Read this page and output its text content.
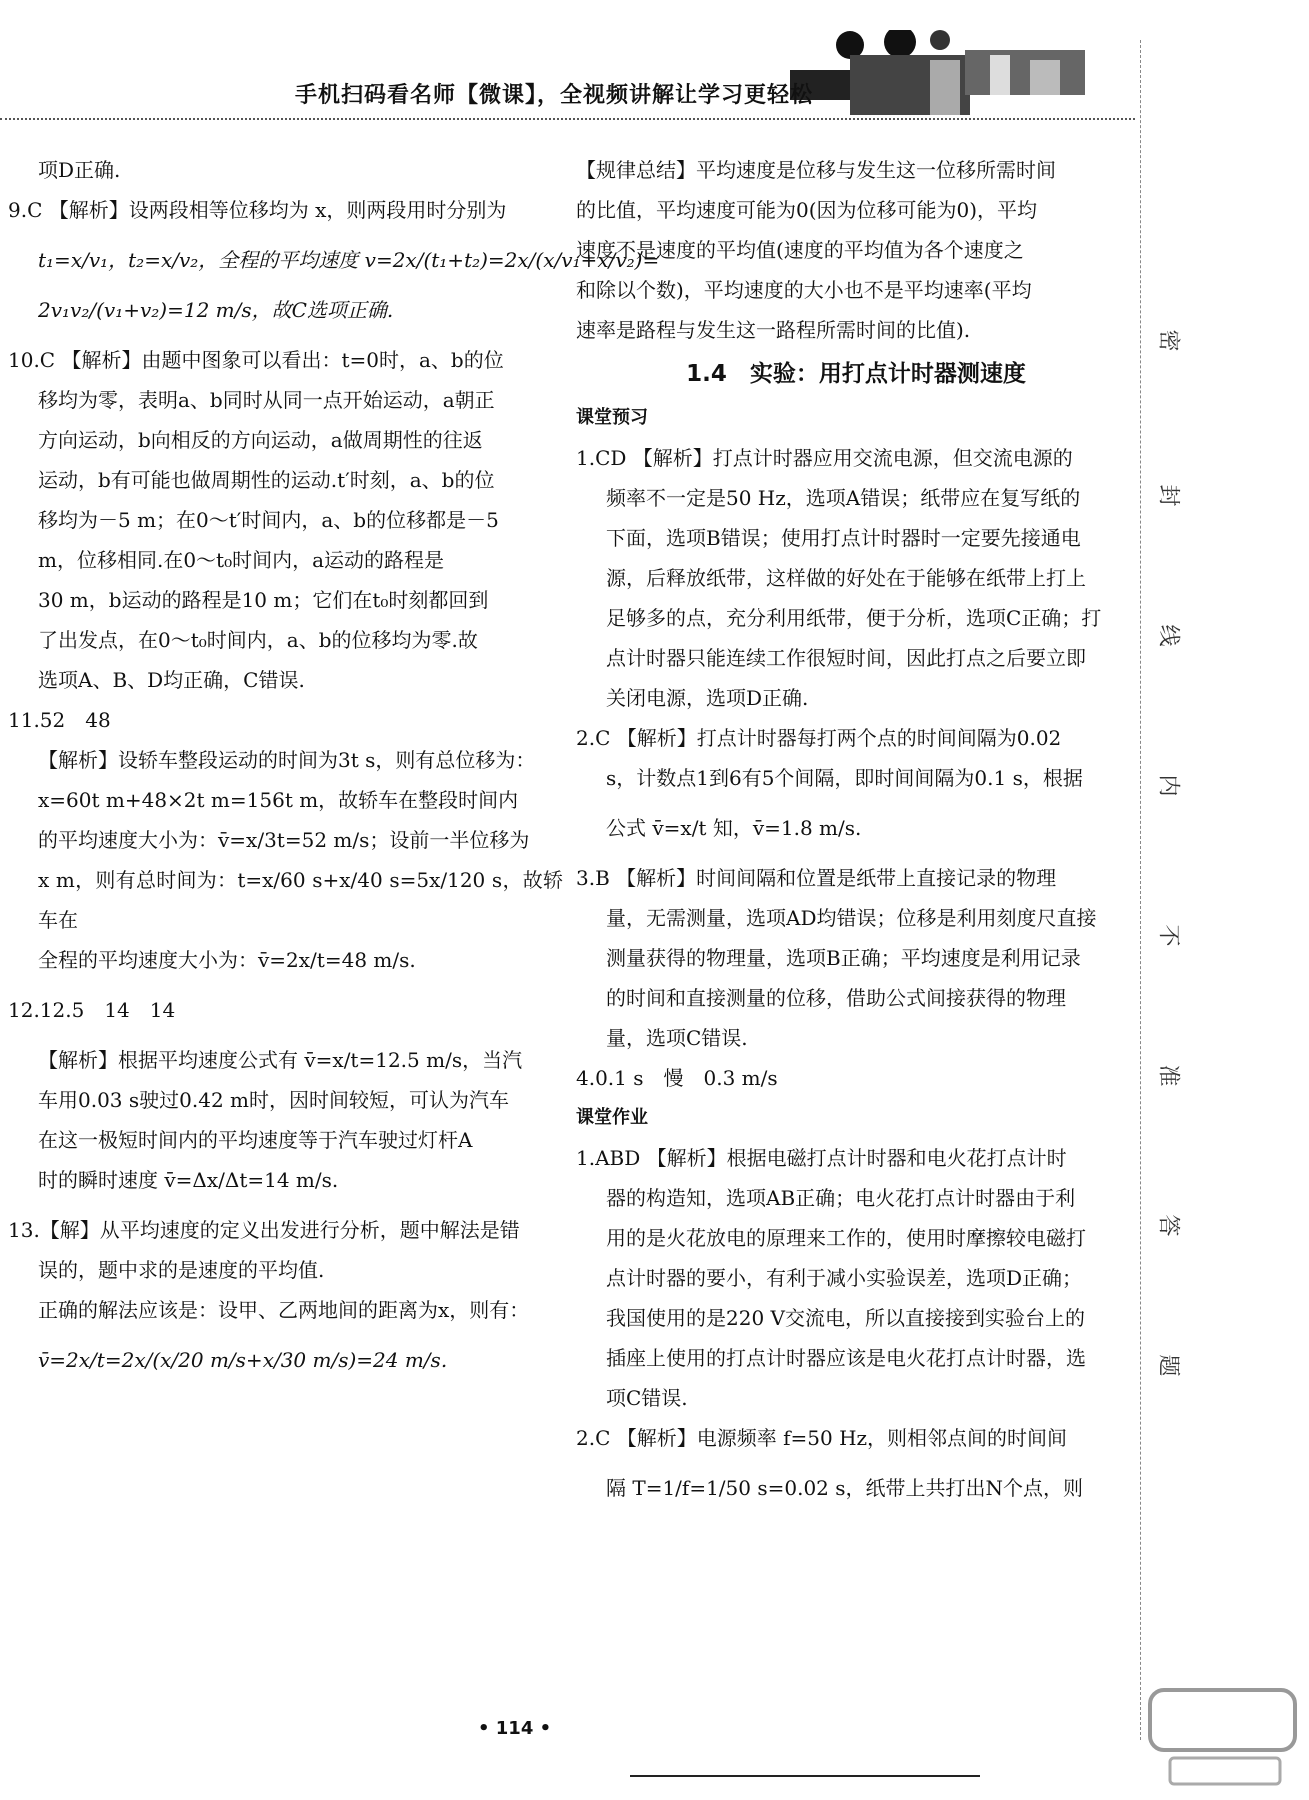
手机扫码看名师【微课】，全视频讲解让学习更轻松

项D正确.

9.C 【解析】设两段相等位移均为 x，则两段用时分别为

t₁=x/v₁，t₂=x/v₂，全程的平均速度 v=2x/(t₁+t₂)=2x/(x/v₁+x/v₂)=

2v₁v₂/(v₁+v₂)=12 m/s，故C选项正确.

10.C 【解析】由题中图象可以看出：t=0时，a、b的位

移均为零，表明a、b同时从同一点开始运动，a朝正

方向运动，b向相反的方向运动，a做周期性的往返

运动，b有可能也做周期性的运动.t′时刻，a、b的位

移均为－5 m；在0～t′时间内，a、b的位移都是－5

m，位移相同.在0～t₀时间内，a运动的路程是

30 m，b运动的路程是10 m；它们在t₀时刻都回到

了出发点，在0～t₀时间内，a、b的位移均为零.故

选项A、B、D均正确，C错误.

11.52　48

【解析】设轿车整段运动的时间为3t s，则有总位移为：

x=60t m+48×2t m=156t m，故轿车在整段时间内

的平均速度大小为：v̄=x/3t=52 m/s；设前一半位移为

x m，则有总时间为：t=x/60 s+x/40 s=5x/120 s，故轿车在

全程的平均速度大小为：v̄=2x/t=48 m/s.

12.12.5　14　14

【解析】根据平均速度公式有 v̄=x/t=12.5 m/s，当汽

车用0.03 s驶过0.42 m时，因时间较短，可认为汽车

在这一极短时间内的平均速度等于汽车驶过灯杆A

时的瞬时速度 v̄=Δx/Δt=14 m/s.

13.【解】从平均速度的定义出发进行分析，题中解法是错

误的，题中求的是速度的平均值.

正确的解法应该是：设甲、乙两地间的距离为x，则有：

v̄=2x/t=2x/(x/20 m/s+x/30 m/s)=24 m/s.

【规律总结】平均速度是位移与发生这一位移所需时间

的比值，平均速度可能为0(因为位移可能为0)，平均

速度不是速度的平均值(速度的平均值为各个速度之

和除以个数)，平均速度的大小也不是平均速率(平均

速率是路程与发生这一路程所需时间的比值).

1.4　实验：用打点计时器测速度
课堂预习

1.CD 【解析】打点计时器应用交流电源，但交流电源的

频率不一定是50 Hz，选项A错误；纸带应在复写纸的

下面，选项B错误；使用打点计时器时一定要先接通电

源，后释放纸带，这样做的好处在于能够在纸带上打上

足够多的点，充分利用纸带，便于分析，选项C正确；打

点计时器只能连续工作很短时间，因此打点之后要立即

关闭电源，选项D正确.

2.C 【解析】打点计时器每打两个点的时间间隔为0.02

s，计数点1到6有5个间隔，即时间间隔为0.1 s，根据

公式 v̄=x/t 知，v̄=1.8 m/s.

3.B 【解析】时间间隔和位置是纸带上直接记录的物理

量，无需测量，选项AD均错误；位移是利用刻度尺直接

测量获得的物理量，选项B正确；平均速度是利用记录

的时间和直接测量的位移，借助公式间接获得的物理

量，选项C错误.

4.0.1 s　慢　0.3 m/s

课堂作业

1.ABD 【解析】根据电磁打点计时器和电火花打点计时

器的构造知，选项AB正确；电火花打点计时器由于利

用的是火花放电的原理来工作的，使用时摩擦较电磁打

点计时器的要小，有利于减小实验误差，选项D正确；

我国使用的是220 V交流电，所以直接接到实验台上的

插座上使用的打点计时器应该是电火花打点计时器，选

项C错误.

2.C 【解析】电源频率 f=50 Hz，则相邻点间的时间间

隔 T=1/f=1/50 s=0.02 s，纸带上共打出N个点，则

密
封
线
内
不
准
答
题
• 114 •
